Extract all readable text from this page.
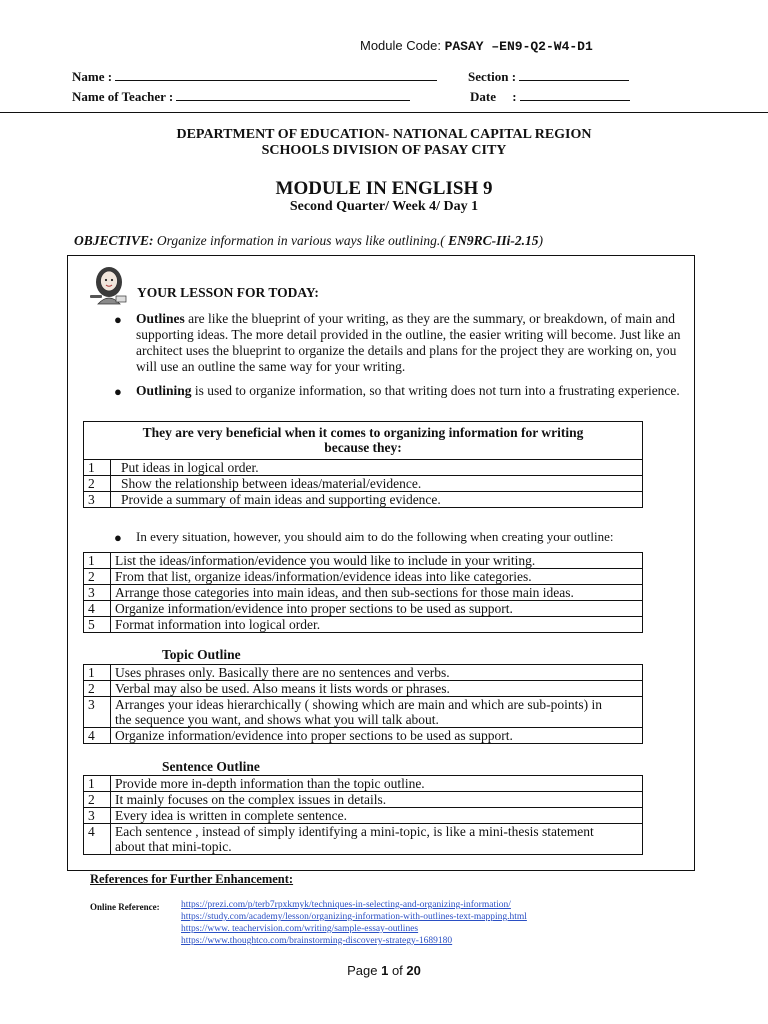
Module Code: PASAY –EN9-Q2-W4-D1
Name :	Section :
Name of Teacher :	Date     :
DEPARTMENT OF EDUCATION- NATIONAL CAPITAL REGION
SCHOOLS DIVISION OF PASAY CITY
MODULE IN ENGLISH 9
Second Quarter/ Week 4/ Day 1
OBJECTIVE: Organize information in various ways like outlining.( EN9RC-IIi-2.15)
YOUR LESSON FOR TODAY:
● Outlines are like the blueprint of your writing, as they are the summary, or breakdown, of main and supporting ideas. The more detail provided in the outline, the easier writing will become. Just like an architect uses the blueprint to organize the details and plans for the project they are working on, you will use an outline the same way for your writing.
● Outlining is used to organize information, so that writing does not turn into a frustrating experience.
They are very beneficial when it comes to organizing information for writing because they:	
1	Put ideas in logical order.
2	Show the relationship between ideas/material/evidence.
3	Provide a summary of main ideas and supporting evidence.
● In every situation, however, you should aim to do the following when creating your outline:
1	List the ideas/information/evidence you would like to include in your writing.
2	From that list, organize ideas/information/evidence ideas into like categories.
3	Arrange those categories into main ideas, and then sub-sections for those main ideas.
4	Organize information/evidence into proper sections to be used as support.
5	Format information into logical order.
Topic Outline
1	Uses phrases only. Basically there are no sentences and verbs.
2	Verbal may also be used. Also means it lists words or phrases.
3	Arranges your ideas hierarchically ( showing which are main and which are sub-points) in the sequence you want, and shows what you will talk about.
4	Organize information/evidence into proper sections to be used as support.
Sentence Outline
1	Provide more in-depth information than the topic outline.
2	It mainly focuses on the complex issues in details.
3	Every idea is written in complete sentence.
4	Each sentence , instead of simply identifying a mini-topic, is like a mini-thesis statement about that mini-topic.
References for Further Enhancement:
Online Reference: https://prezi.com/p/terb7rpxkmyk/techniques-in-selecting-and-organizing-information/
https://study.com/academy/lesson/organizing-information-with-outlines-text-mapping.html
https://www. teachervision.com/writing/sample-essay-outlines
https://www.thoughtco.com/brainstorming-discovery-strategy-1689180
Page 1 of 20
